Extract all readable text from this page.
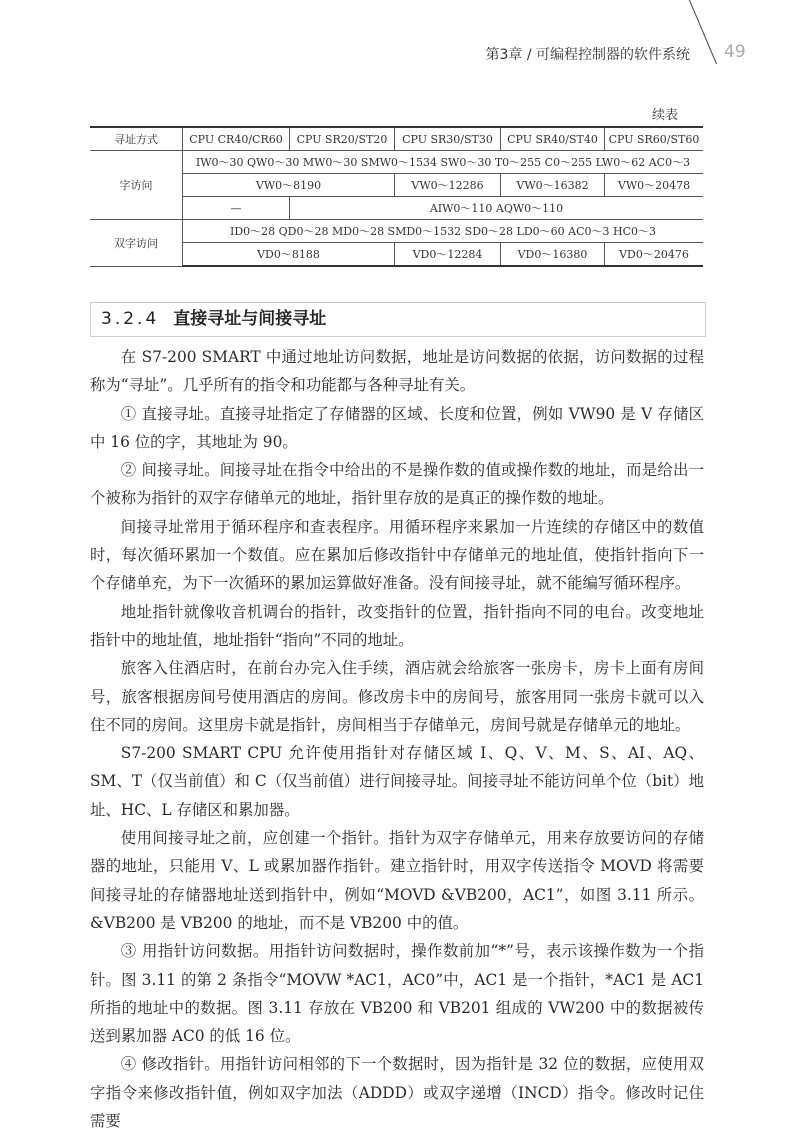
第3章 / 可编程控制器的软件系统 49
续表
寻址方式	CPU CR40/CR60	CPU SR20/ST20	CPU SR30/ST30	CPU SR40/ST40	CPU SR60/ST60
字访问	IW0～30 QW0～30 MW0～30 SMW0～1534 SW0～30 T0～255 C0～255 LW0～62 AC0～3				
	VW0～8190		VW0～12286	VW0～16382	VW0～20478
	—	AIW0～110 AQW0～110			
双字访问	ID0～28 QD0～28 MD0～28 SMD0～1532 SD0～28 LD0～60 AC0～3 HC0～3				
	VD0～8188		VD0～12284	VD0～16380	VD0～20476
3.2.4 直接寻址与间接寻址

在 S7-200 SMART 中通过地址访问数据，地址是访问数据的依据，访问数据的过程称为“寻址”。几乎所有的指令和功能都与各种寻址有关。

① 直接寻址。直接寻址指定了存储器的区域、长度和位置，例如 VW90 是 V 存储区中 16 位的字，其地址为 90。

② 间接寻址。间接寻址在指令中给出的不是操作数的值或操作数的地址，而是给出一个被称为指针的双字存储单元的地址，指针里存放的是真正的操作数的地址。

间接寻址常用于循环程序和查表程序。用循环程序来累加一片连续的存储区中的数值时，每次循环累加一个数值。应在累加后修改指针中存储单元的地址值，使指针指向下一个存储单充，为下一次循环的累加运算做好准备。没有间接寻址，就不能编写循环程序。

地址指针就像收音机调台的指针，改变指针的位置，指针指向不同的电台。改变地址指针中的地址值，地址指针“指向”不同的地址。

旅客入住酒店时，在前台办完入住手续，酒店就会给旅客一张房卡，房卡上面有房间号，旅客根据房间号使用酒店的房间。修改房卡中的房间号，旅客用同一张房卡就可以入住不同的房间。这里房卡就是指针，房间相当于存储单元，房间号就是存储单元的地址。

S7-200 SMART CPU 允许使用指针对存储区域 I、Q、V、M、S、AI、AQ、SM、T（仅当前值）和 C（仅当前值）进行间接寻址。间接寻址不能访问单个位（bit）地址、HC、L 存储区和累加器。

使用间接寻址之前，应创建一个指针。指针为双字存储单元，用来存放要访问的存储器的地址，只能用 V、L 或累加器作指针。建立指针时，用双字传送指令 MOVD 将需要间接寻址的存储器地址送到指针中，例如“MOVD &VB200，AC1”，如图 3.11 所示。&VB200 是 VB200 的地址，而不是 VB200 中的值。

③ 用指针访问数据。用指针访问数据时，操作数前加“*”号，表示该操作数为一个指针。图 3.11 的第 2 条指令“MOVW *AC1，AC0”中，AC1 是一个指针，*AC1 是 AC1 所指的地址中的数据。图 3.11 存放在 VB200 和 VB201 组成的 VW200 中的数据被传送到累加器 AC0 的低 16 位。

④ 修改指针。用指针访问相邻的下一个数据时，因为指针是 32 位的数据，应使用双字指令来修改指针值，例如双字加法（ADDD）或双字递增（INCD）指令。修改时记住需要
